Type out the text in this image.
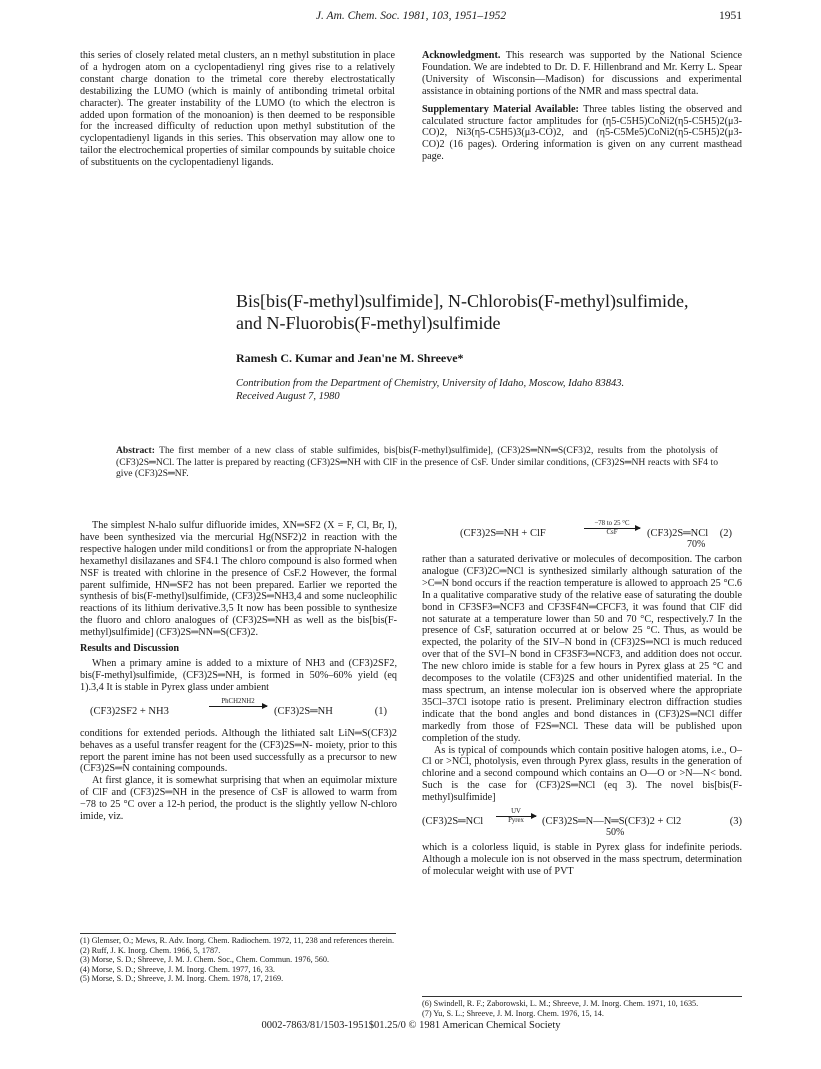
J. Am. Chem. Soc. 1981, 103, 1951–1952	1951

this series of closely related metal clusters, an n methyl substitution in place of a hydrogen atom on a cyclopentadienyl ring gives rise to a relatively constant charge donation to the trimetal core thereby electrostatically destabilizing the LUMO (which is mainly of antibonding trimetal orbital character). The greater instability of the LUMO (to which the electron is added upon formation of the monoanion) is then deemed to be responsible for the increased difficulty of reduction upon methyl substitution of the cyclopentadienyl ligands in this series. This observation may allow one to tailor the electrochemical properties of similar compounds by suitable choice of substituents on the cyclopentadienyl ligands.

Acknowledgment. This research was supported by the National Science Foundation. We are indebted to Dr. D. F. Hillenbrand and Mr. Kerry L. Spear (University of Wisconsin—Madison) for discussions and experimental assistance in obtaining portions of the NMR and mass spectral data.

Supplementary Material Available: Three tables listing the observed and calculated structure factor amplitudes for (η5-C5H5)CoNi2(η5-C5H5)2(μ3-CO)2, Ni3(η5-C5H5)3(μ3-CO)2, and (η5-C5Me5)CoNi2(η5-C5H5)2(μ3-CO)2 (16 pages). Ordering information is given on any current masthead page.

Bis[bis(F-methyl)sulfimide], N-Chlorobis(F-methyl)sulfimide,
and N-Fluorobis(F-methyl)sulfimide
Ramesh C. Kumar and Jean'ne M. Shreeve*
Contribution from the Department of Chemistry, University of Idaho, Moscow, Idaho 83843.
Received August 7, 1980
Abstract: The first member of a new class of stable sulfimides, bis[bis(F-methyl)sulfimide], (CF3)2S═NN═S(CF3)2, results from the photolysis of (CF3)2S═NCl. The latter is prepared by reacting (CF3)2S═NH with ClF in the presence of CsF. Under similar conditions, (CF3)2S═NH reacts with SF4 to give (CF3)2S═NF.

The simplest N-halo sulfur difluoride imides, XN═SF2 (X = F, Cl, Br, I), have been synthesized via the mercurial Hg(NSF2)2 in reaction with the respective halogen under mild conditions1 or from the appropriate N-halogen hexamethyl disilazanes and SF4.1 The chloro compound is also formed when NSF is treated with chlorine in the presence of CsF.2 However, the formal parent sulfimide, HN═SF2 has not been prepared. Earlier we reported the synthesis of bis(F-methyl)sulfimide, (CF3)2S═NH3,4 and some nucleophilic reactions of its lithium derivative.3,5 It now has been possible to synthesize the fluoro and chloro analogues of (CF3)2S═NH as well as the bis[bis(F-methyl)sulfimide] (CF3)2S═NN═S(CF3)2.

Results and Discussion

When a primary amine is added to a mixture of NH3 and (CF3)2SF2, bis(F-methyl)sulfimide, (CF3)2S═NH, is formed in 50%–60% yield (eq 1).3,4 It is stable in Pyrex glass under ambient

(CF3)2SF2 + NH3
PhCH2NH2
(CF3)2S═NH	(1)

conditions for extended periods. Although the lithiated salt LiN═S(CF3)2 behaves as a useful transfer reagent for the (CF3)2S═N- moiety, prior to this report the parent imine has not been used successfully as a precursor to new (CF3)2S═N containing compounds.

At first glance, it is somewhat surprising that when an equimolar mixture of ClF and (CF3)2S═NH in the presence of CsF is allowed to warm from −78 to 25 °C over a 12-h period, the product is the slightly yellow N-chloro imide, viz.

(CF3)2S═NH + ClF
−78 to 25 °C
CsF	(CF3)2S═NCl
70%
(2)

rather than a saturated derivative or molecules of decomposition. The carbon analogue (CF3)2C═NCl is synthesized similarly although saturation of the >C═N bond occurs if the reaction temperature is allowed to approach 25 °C.6 In a qualitative comparative study of the relative ease of saturating the double bond in CF3SF3═NCF3 and CF3SF4N═CFCF3, it was found that ClF did not saturate at a temperature lower than 50 and 70 °C, respectively.7 In the presence of CsF, saturation occurred at or below 25 °C. Thus, as would be expected, the polarity of the SIV–N bond in (CF3)2S═NCl is much reduced over that of the SVI–N bond in CF3SF3═NCF3, and addition does not occur. The new chloro imide is stable for a few hours in Pyrex glass at 25 °C and decomposes to the volatile (CF3)2S and other unidentified material. In the mass spectrum, an intense molecular ion is observed where the appropriate 35Cl–37Cl isotope ratio is present. Preliminary electron diffraction studies indicate that the bond angles and bond distances in (CF3)2S═NCl differ markedly from those of F2S═NCl. These data will be published upon completion of the study.

As is typical of compounds which contain positive halogen atoms, i.e., O–Cl or >NCl, photolysis, even through Pyrex glass, results in the generation of chlorine and a second compound which contains an O—O or >N—N< bond. Such is the case for (CF3)2S═NCl (eq 3). The novel bis[bis(F-methyl)sulfimide]

(CF3)2S═NCl
UV
Pyrex	(CF3)2S═N—N═S(CF3)2 + Cl2
50%
(3)

which is a colorless liquid, is stable in Pyrex glass for indefinite periods. Although a molecule ion is not observed in the mass spectrum, determination of molecular weight with use of PVT

(1) Glemser, O.; Mews, R. Adv. Inorg. Chem. Radiochem. 1972, 11, 238 and references therein.

(2) Ruff, J. K. Inorg. Chem. 1966, 5, 1787.

(3) Morse, S. D.; Shreeve, J. M. J. Chem. Soc., Chem. Commun. 1976, 560.

(4) Morse, S. D.; Shreeve, J. M. Inorg. Chem. 1977, 16, 33.

(5) Morse, S. D.; Shreeve, J. M. Inorg. Chem. 1978, 17, 2169.

(6) Swindell, R. F.; Zaborowski, L. M.; Shreeve, J. M. Inorg. Chem. 1971, 10, 1635.

(7) Yu, S. L.; Shreeve, J. M. Inorg. Chem. 1976, 15, 14.

0002-7863/81/1503-1951$01.25/0 © 1981 American Chemical Society
